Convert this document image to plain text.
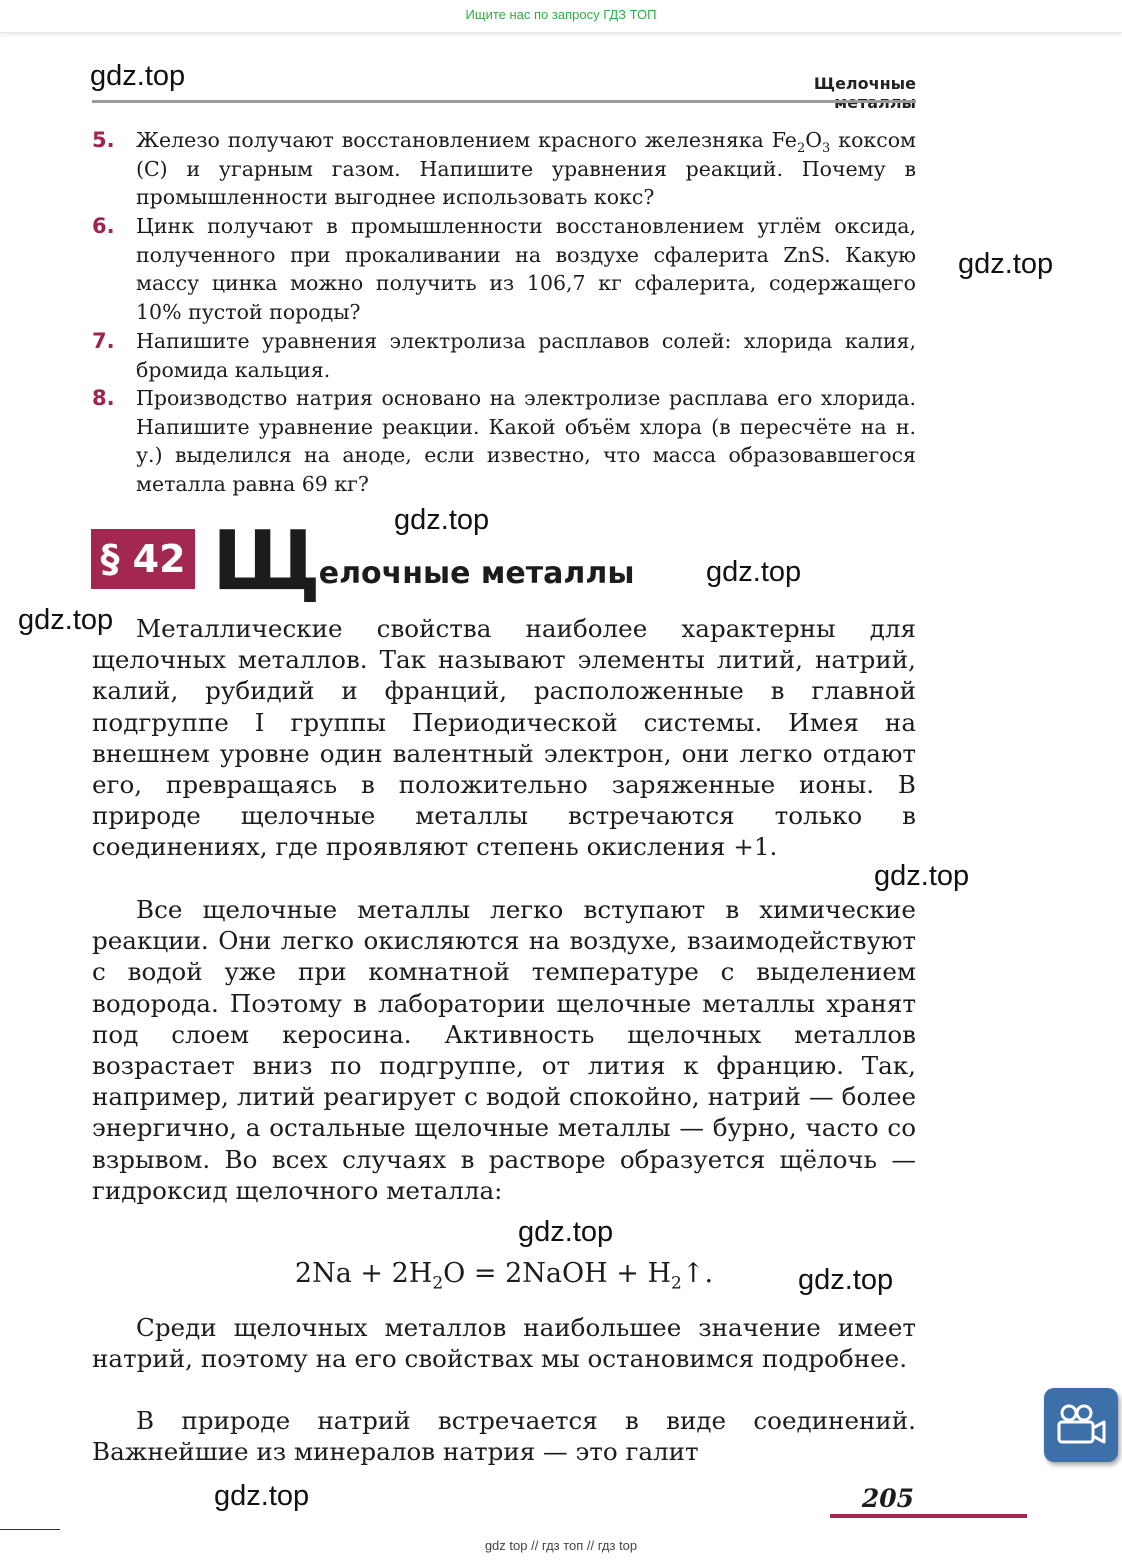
Ищите нас по запросу ГДЗ ТОП
gdz.top	Щелочные
gdz.top
5. Железо получают восстановлением красного железняка $Fe_2O_3$ коксом (С) и угарным газом. Напишите уравнения реакций. Почему в промышленности выгоднее использовать кокс?
6. Цинк получают в промышленности восстановлением углём оксида, полученного при прокаливании на воздухе сфалерита ZnS. Какую массу цинка можно получить из 106,7 кг сфалерита, содержащего 10% пустой породы?
7. Напишите уравнения электролиза расплавов солей: хлорида калия, бромида кальция.
8. Производство натрия основано на электролизе расплава его хлорида. Напишите уравнение реакции. Какой объём хлора (в пересчёте на н. у.) выделился на аноде, если известно, что масса образовавшегося металла равна 69 кг?
gdz.top
§ 42 Щелочные металлы gdz.top
gdz.top Металлические свойства наиболее характерны для щелочных металлов. Так называют элементы литий, натрий, калий, рубидий и франций, расположенные в главной подгруппе I группы Периодической системы. Имея на внешнем уровне один валентный электрон, они легко отдают его, превращаясь в положительно заряженные ионы. В природе щелочные металлы встречаются только в соединениях, где проявляют степень окисления +1.
gdz.top
Все щелочные металлы легко вступают в химические реакции. Они легко окисляются на воздухе, взаимодействуют с водой уже при комнатной температуре с выделением водорода. Поэтому в лаборатории щелочные металлы хранят под слоем керосина. Активность щелочных металлов возрастает вниз по подгруппе, от лития к францию. Так, например, литий реагирует с водой спокойно, натрий — более энергично, а остальные щелочные металлы — бурно, часто со взрывом. Во всех случаях в растворе образуется щёлочь — гидроксид щелочного металла:
gdz.top
$2Na + 2H_2O$ = 2NaOH + $H_2↑$.	gdz.top
Среди щелочных металлов наибольшее значение имеет натрий, поэтому на его свойствах мы остановимся подробнее.
В природе натрий встречается в виде соединений. Важнейшие из минералов натрия — это галит
gdz.top	205
gdz top // гдз топ // гдз top
